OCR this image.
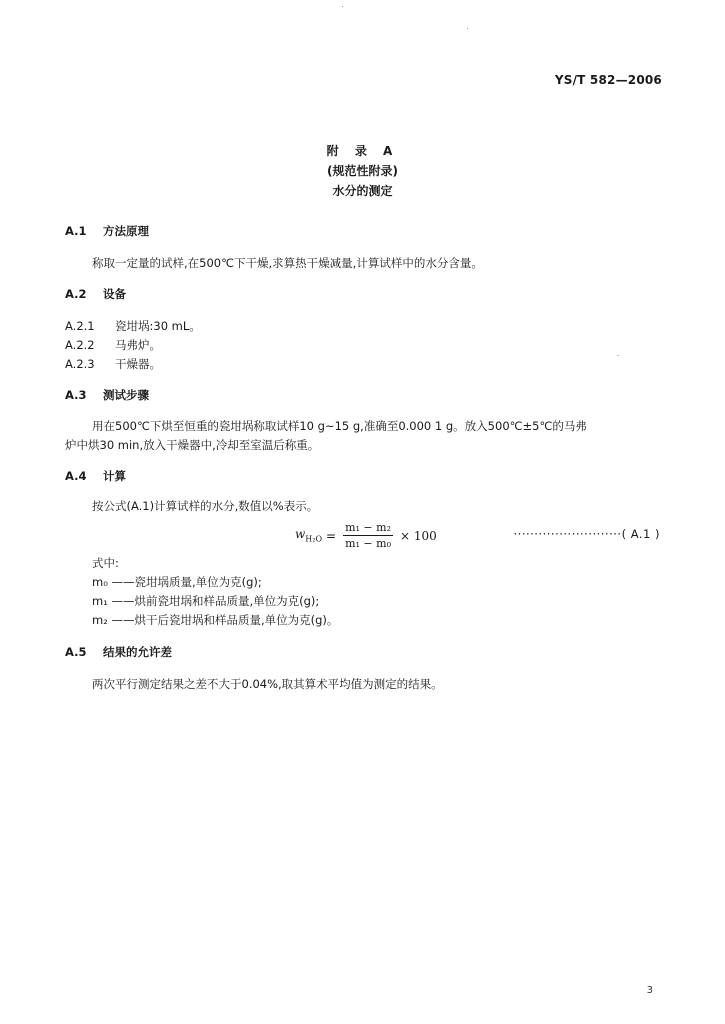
YS/T 582—2006
附 录 A
(规范性附录)
水分的测定
A.1 方法原理
称取一定量的试样,在500℃下干燥,求算热干燥减量,计算试样中的水分含量。
A.2 设备
A.2.1 瓷坩埚:30 mL。
A.2.2 马弗炉。
A.2.3 干燥器。
A.3 测试步骤
用在500℃下烘至恒重的瓷坩埚称取试样10 g~15 g,准确至0.000 1 g。放入500℃±5℃的马弗
炉中烘30 min,放入干燥器中,冷却至室温后称重。
A.4 计算
按公式(A.1)计算试样的水分,数值以%表示。
$w_{H_2O} = \frac{\text{m₁ − m₂}}{\text{m₁ − m₀}} \times 100$	··························( A.1 )
式中:
m₀ ——瓷坩埚质量,单位为克(g);
m₁ ——烘前瓷坩埚和样品质量,单位为克(g);
m₂ ——烘干后瓷坩埚和样品质量,单位为克(g)。
A.5 结果的允许差
两次平行测定结果之差不大于0.04%,取其算术平均值为测定的结果。
3
